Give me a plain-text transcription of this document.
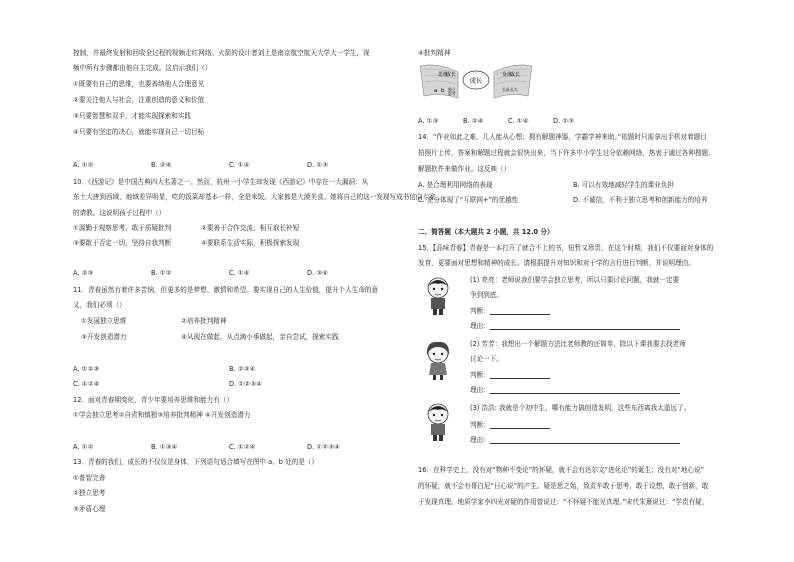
控制，并最终发射和回收全过程的视频走红网络。火箭的设计者刘上是南京航空航天大学大一学生，视
频中所有步骤都由他自主完成。这启示我们（）
①既要有自己的思维，也要善纳他人合理意见
②要关注他人与社会，注重创造的意义和价值
③只要智慧和双手，才能实现探索和实践
④只要有坚定的决心，就能实现自己一切目标
A. ①②	B. ②④	C. ①④	D. ①③
10．《西游记》是中国古典四大名著之一。然而，杭州一小学生却发现《西游记》中存在一大漏洞：从
东土大唐到西域，地域差异明显，吃的饭菜却基本一样，全是米饭。大家都是大漠美食。她将自己的这一发现写成书信向专家
的请教。这说明孩子过程中（）
①源勤于观察思考，敢于质疑批判	②要善于合作交流，相互取长补短
③要敢于否定一切，坚持自我判断	④要联系生活实际，积极探索发现
A. ②③	B. ①②	C. ①④	D. ③④
11．青春虽然有着许多苦恼，但更多的是梦想、激情和希望。要实现自己的人生价值，提升个人生命的意
义，我们必须（）
①发展独立思维	②培养批判精神
③开发创造潜力	④从现在做起，从点滴小事做起，亲自尝试，探索实践
A. ①②③	B. ②③④
C. ①②④	D. ①②③④
12．面对青春期变化，青少年要培养思维和能力有（）
①学会独立思考②自省和慎独③培养批判精神 ④开发创造潜力
A. ①②	B. ①③④	C. ①②④	D. ①②③④
13．青春的我们，成长的不仅仅是身体，下列语句适合填写在图中 a、b 处的是（）
①普智完善
②独立思考
③矛盾心理
④批判精神
成长
思维
成长	身体
成长
a b 独立
思考
长高 长大
A. ①③	B. ②④	C. ①④	D. ②③
14．“作业如此之难，几人能从心想；拥有解题神器，学霸学神来助。”依题时只需拿出手机对着题目
拍照片上传，答案和解题过程就会很快出来，当下许多中小学生过分依赖网络，热衷于通过各种搜题、
解题软件来做作业。这反映（）
A. 是合理利用网络的表现	B. 可以有效地减轻学生的课业负担
C. 充分体现了“互联网+”的优越性	D. 不诚信，不利于独立思考和创新能力的培养
二、简答题（本大题共 2 小题，共 12.0 分）
15．【品味青春】青春是一本打开了就合不上的书，短暂又珍贵，在这个时期，我们不仅要面对身体的
发育，更要面对思想和精神的成长。请根据提升对知识和对于学的言行进行判断，并说明理由。
(1) 亮亮：老师说我们要学会独立思考，所以只要讨论问题，我就一定要
争到到底。
判断：
理由：
(2) 芳芳：我想出一个解题方法比老师教的还简单，除以下课我要去找老师
讨论一下。
判断：
理由：
(3) 浩浩: 我就是个初中生，哪有能力搞创造发明，这些东西离我太遥远了。
判断：
理由：
16．在科学史上，没有对“物种不变论”的怀疑，就不会有达尔文“进化论”的诞生；没有对“地心说”
的怀疑，就不会有哥白尼“日心说”的产生。疑是思之始，致责车敢于思考，敢于设想，敢于创新，敢
于发现真理。地质学家李四光对疑的作用曾说过：“不怀疑不能见真理。”宋代朱熹说过：“学贵有疑，
